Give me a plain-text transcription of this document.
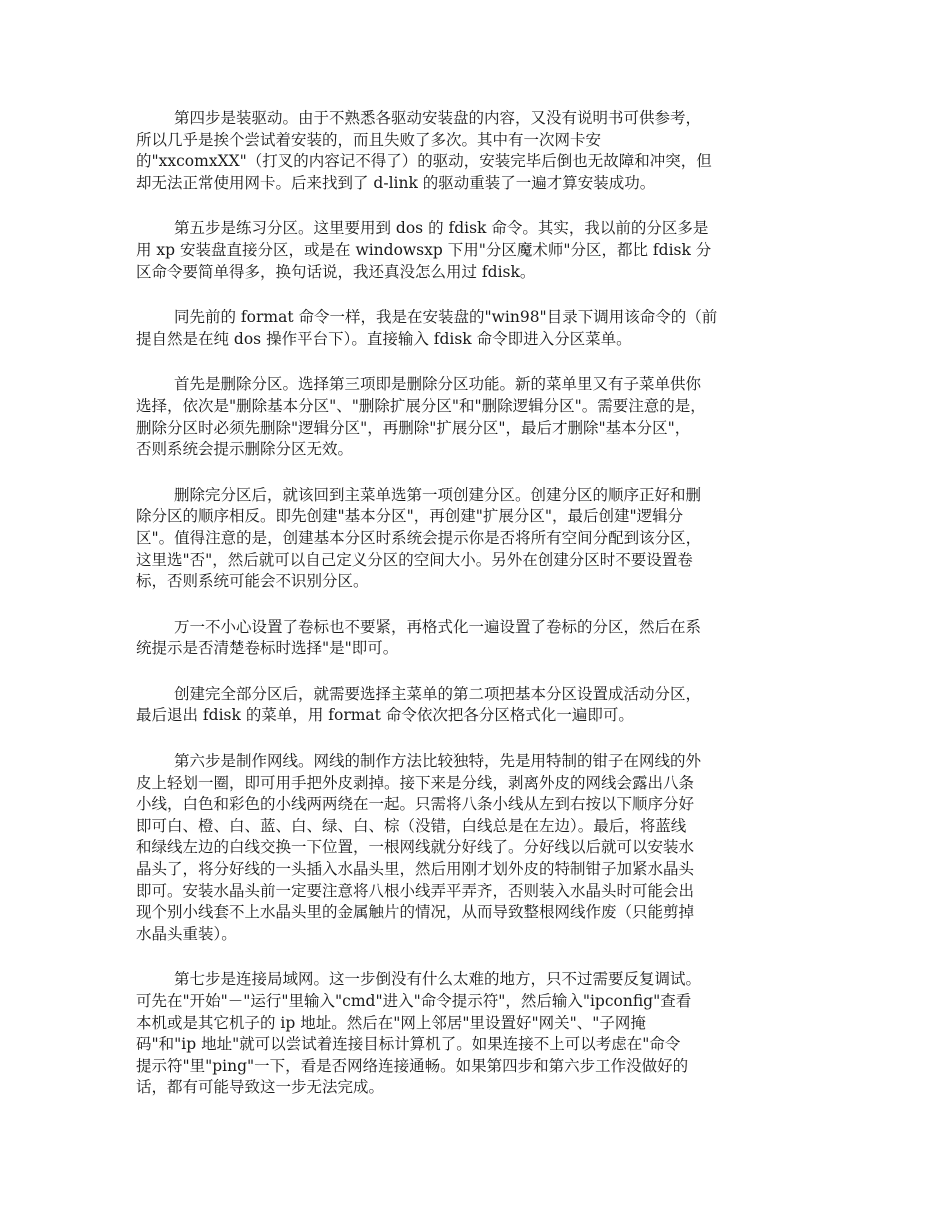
第四步是装驱动。由于不熟悉各驱动安装盘的内容，又没有说明书可供参考，
所以几乎是挨个尝试着安装的，而且失败了多次。其中有一次网卡安
的"xxcomxXX"（打叉的内容记不得了）的驱动，安装完毕后倒也无故障和冲突，但
却无法正常使用网卡。后来找到了 d-link 的驱动重装了一遍才算安装成功。

第五步是练习分区。这里要用到 dos 的 fdisk 命令。其实，我以前的分区多是
用 xp 安装盘直接分区，或是在 windowsxp 下用"分区魔术师"分区，都比 fdisk 分
区命令要简单得多，换句话说，我还真没怎么用过 fdisk。

同先前的 format 命令一样，我是在安装盘的"win98"目录下调用该命令的（前
提自然是在纯 dos 操作平台下）。直接输入 fdisk 命令即进入分区菜单。

首先是删除分区。选择第三项即是删除分区功能。新的菜单里又有子菜单供你
选择，依次是"删除基本分区"、"删除扩展分区"和"删除逻辑分区"。需要注意的是，
删除分区时必须先删除"逻辑分区"，再删除"扩展分区"，最后才删除"基本分区"，
否则系统会提示删除分区无效。

删除完分区后，就该回到主菜单选第一项创建分区。创建分区的顺序正好和删
除分区的顺序相反。即先创建"基本分区"，再创建"扩展分区"，最后创建"逻辑分
区"。值得注意的是，创建基本分区时系统会提示你是否将所有空间分配到该分区，
这里选"否"，然后就可以自己定义分区的空间大小。另外在创建分区时不要设置卷
标，否则系统可能会不识别分区。

万一不小心设置了卷标也不要紧，再格式化一遍设置了卷标的分区，然后在系
统提示是否清楚卷标时选择"是"即可。

创建完全部分区后，就需要选择主菜单的第二项把基本分区设置成活动分区，
最后退出 fdisk 的菜单，用 format 命令依次把各分区格式化一遍即可。

第六步是制作网线。网线的制作方法比较独特，先是用特制的钳子在网线的外
皮上轻划一圈，即可用手把外皮剥掉。接下来是分线，剥离外皮的网线会露出八条
小线，白色和彩色的小线两两绕在一起。只需将八条小线从左到右按以下顺序分好
即可白、橙、白、蓝、白、绿、白、棕（没错，白线总是在左边）。最后，将蓝线
和绿线左边的白线交换一下位置，一根网线就分好线了。分好线以后就可以安装水
晶头了，将分好线的一头插入水晶头里，然后用刚才划外皮的特制钳子加紧水晶头
即可。安装水晶头前一定要注意将八根小线弄平弄齐，否则装入水晶头时可能会出
现个别小线套不上水晶头里的金属触片的情况，从而导致整根网线作废（只能剪掉
水晶头重装）。

第七步是连接局域网。这一步倒没有什么太难的地方，只不过需要反复调试。
可先在"开始"－"运行"里输入"cmd"进入"命令提示符"，然后输入"ipconfig"查看
本机或是其它机子的 ip 地址。然后在"网上邻居"里设置好"网关"、"子网掩
码"和"ip 地址"就可以尝试着连接目标计算机了。如果连接不上可以考虑在"命令
提示符"里"ping"一下，看是否网络连接通畅。如果第四步和第六步工作没做好的
话，都有可能导致这一步无法完成。
